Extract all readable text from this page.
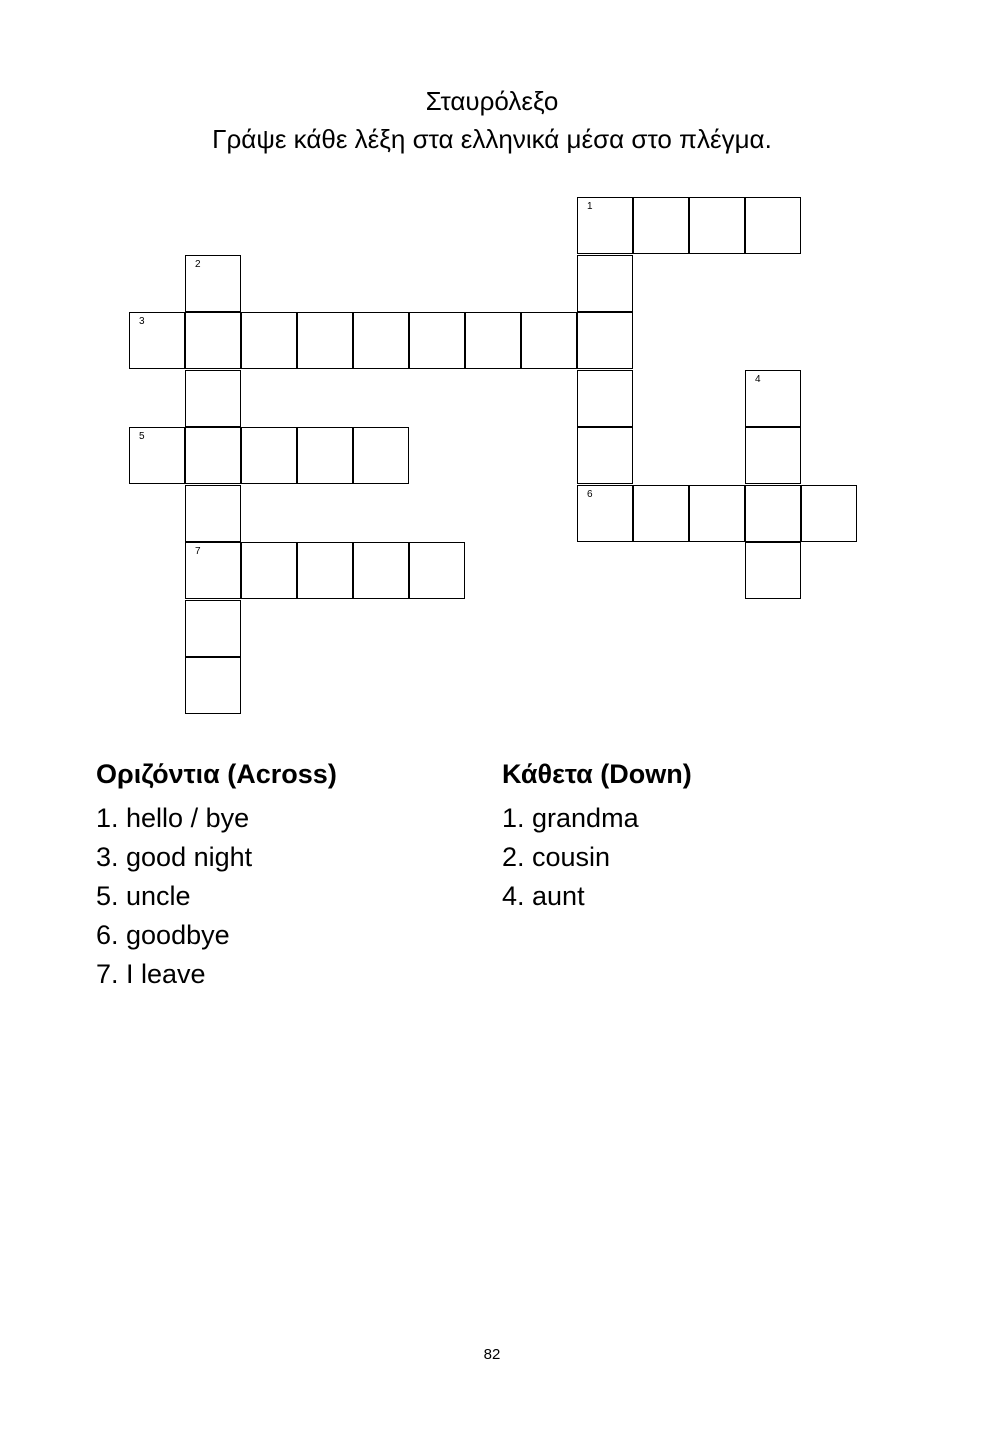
Σταυρόλεξο
Γράψε κάθε λέξη στα ελληνικά μέσα στο πλέγμα.
1
2
3
4
5
6
7
Οριζόντια (Across)
1. hello / bye
3. good night
5. uncle
6. goodbye
7. I leave
Κάθετα (Down)
1. grandma
2. cousin
4. aunt
82
